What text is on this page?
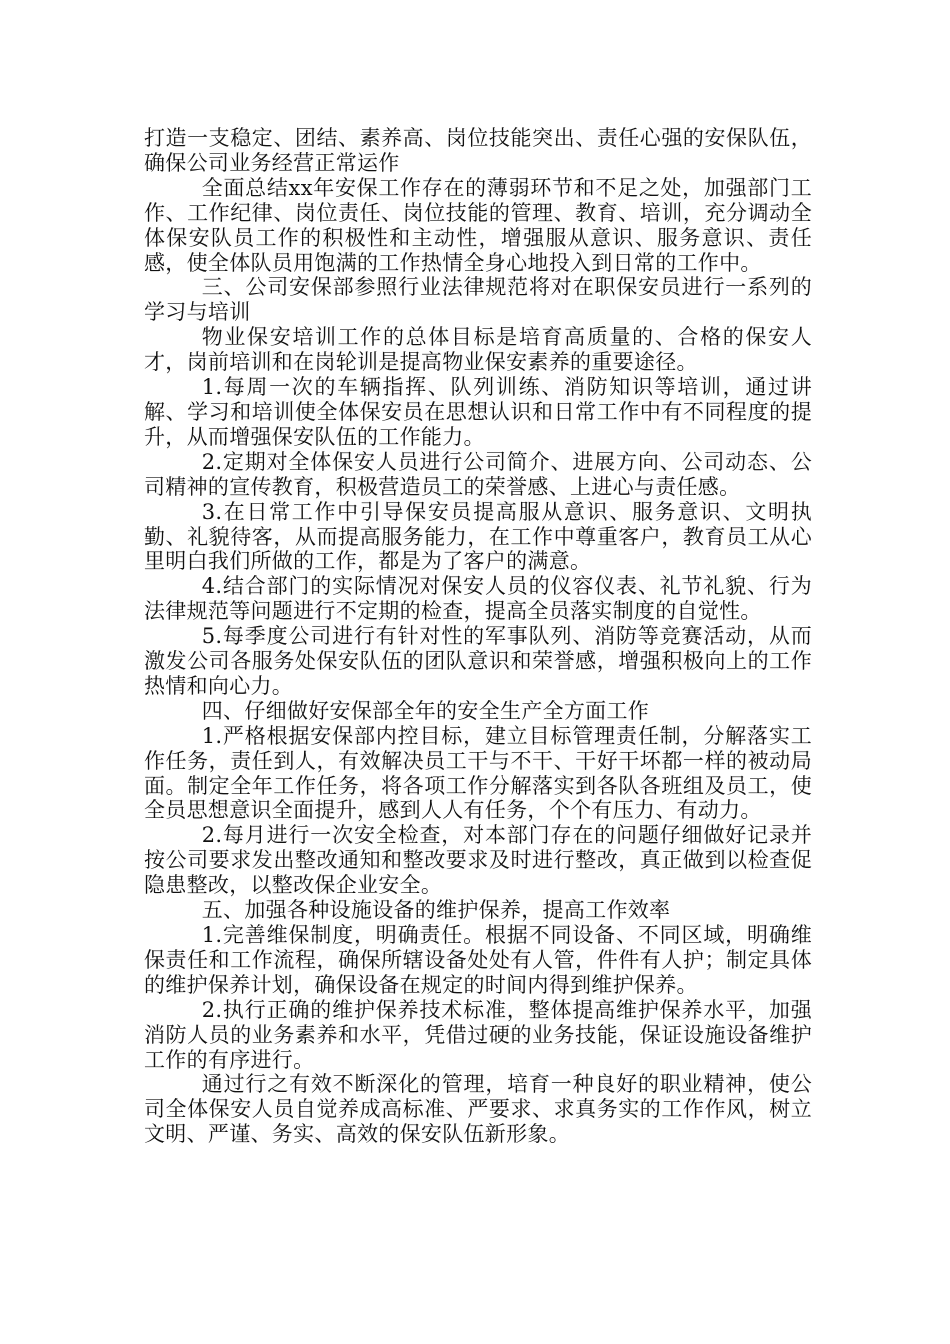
打造一支稳定、团结、素养高、岗位技能突出、责任心强的安保队伍，确保公司业务经营正常运作

全面总结xx年安保工作存在的薄弱环节和不足之处，加强部门工作、工作纪律、岗位责任、岗位技能的管理、教育、培训，充分调动全体保安队员工作的积极性和主动性，增强服从意识、服务意识、责任感，使全体队员用饱满的工作热情全身心地投入到日常的工作中。

三、公司安保部参照行业法律规范将对在职保安员进行一系列的学习与培训

物业保安培训工作的总体目标是培育高质量的、合格的保安人才，岗前培训和在岗轮训是提高物业保安素养的重要途径。

1.每周一次的车辆指挥、队列训练、消防知识等培训，通过讲解、学习和培训使全体保安员在思想认识和日常工作中有不同程度的提升，从而增强保安队伍的工作能力。

2.定期对全体保安人员进行公司简介、进展方向、公司动态、公司精神的宣传教育，积极营造员工的荣誉感、上进心与责任感。

3.在日常工作中引导保安员提高服从意识、服务意识、文明执勤、礼貌待客，从而提高服务能力，在工作中尊重客户，教育员工从心里明白我们所做的工作，都是为了客户的满意。

4.结合部门的实际情况对保安人员的仪容仪表、礼节礼貌、行为法律规范等问题进行不定期的检查，提高全员落实制度的自觉性。

5.每季度公司进行有针对性的军事队列、消防等竞赛活动，从而激发公司各服务处保安队伍的团队意识和荣誉感，增强积极向上的工作热情和向心力。

四、仔细做好安保部全年的安全生产全方面工作

1.严格根据安保部内控目标，建立目标管理责任制，分解落实工作任务，责任到人，有效解决员工干与不干、干好干坏都一样的被动局面。制定全年工作任务，将各项工作分解落实到各队各班组及员工，使全员思想意识全面提升，感到人人有任务，个个有压力、有动力。

2.每月进行一次安全检查，对本部门存在的问题仔细做好记录并按公司要求发出整改通知和整改要求及时进行整改，真正做到以检查促隐患整改，以整改保企业安全。

五、加强各种设施设备的维护保养，提高工作效率

1.完善维保制度，明确责任。根据不同设备、不同区域，明确维保责任和工作流程，确保所辖设备处处有人管，件件有人护；制定具体的维护保养计划，确保设备在规定的时间内得到维护保养。

2.执行正确的维护保养技术标准，整体提高维护保养水平，加强消防人员的业务素养和水平，凭借过硬的业务技能，保证设施设备维护工作的有序进行。

通过行之有效不断深化的管理，培育一种良好的职业精神，使公司全体保安人员自觉养成高标准、严要求、求真务实的工作作风，树立文明、严谨、务实、高效的保安队伍新形象。
